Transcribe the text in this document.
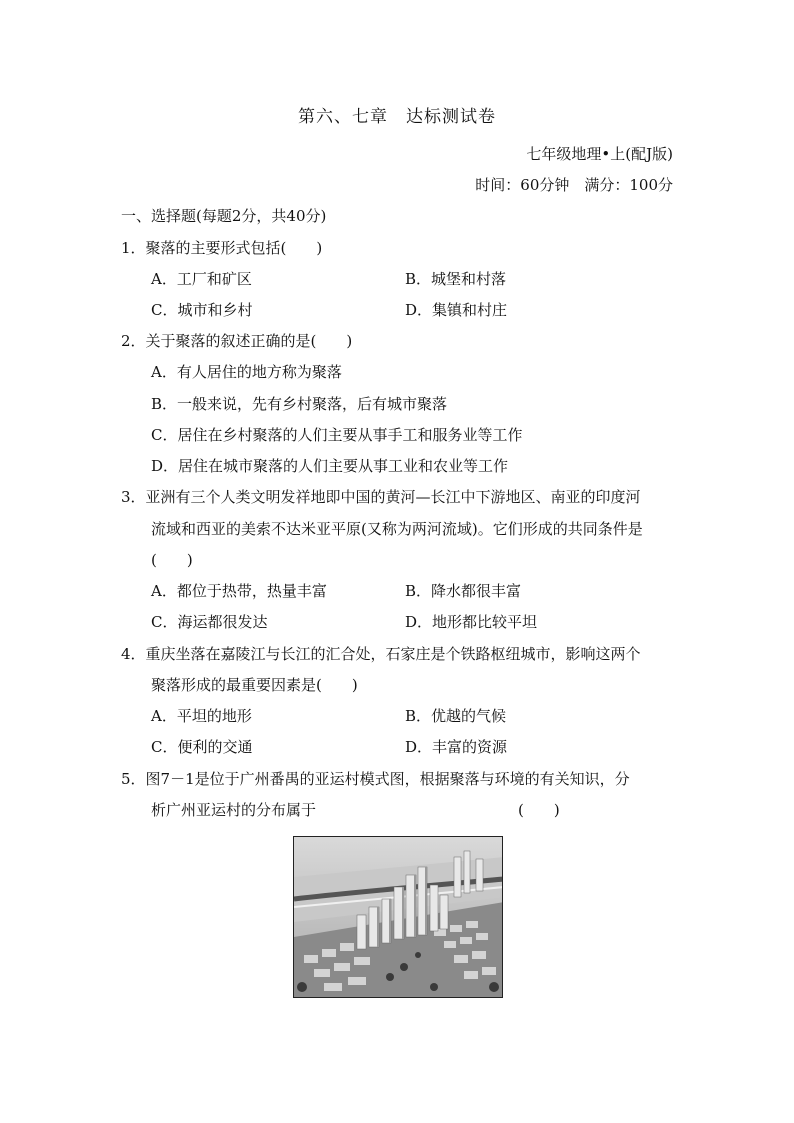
第六、七章　达标测试卷
七年级地理•上(配J版)
时间：60分钟　满分：100分
一、选择题(每题2分，共40分)
1．聚落的主要形式包括(　　)
A．工厂和矿区	B．城堡和村落
C．城市和乡村	D．集镇和村庄
2．关于聚落的叙述正确的是(　　)
A．有人居住的地方称为聚落
B．一般来说，先有乡村聚落，后有城市聚落
C．居住在乡村聚落的人们主要从事手工和服务业等工作
D．居住在城市聚落的人们主要从事工业和农业等工作
3．亚洲有三个人类文明发祥地即中国的黄河—长江中下游地区、南亚的印度河
流域和西亚的美索不达米亚平原(又称为两河流域)。它们形成的共同条件是
(　　)
A．都位于热带，热量丰富	B．降水都很丰富
C．海运都很发达	D．地形都比较平坦
4．重庆坐落在嘉陵江与长江的汇合处，石家庄是个铁路枢纽城市，影响这两个
聚落形成的最重要因素是(　　)
A．平坦的地形	B．优越的气候
C．便利的交通	D．丰富的资源
5．图7－1是位于广州番禺的亚运村模式图，根据聚落与环境的有关知识，分
析广州亚运村的分布属于	(　　)
